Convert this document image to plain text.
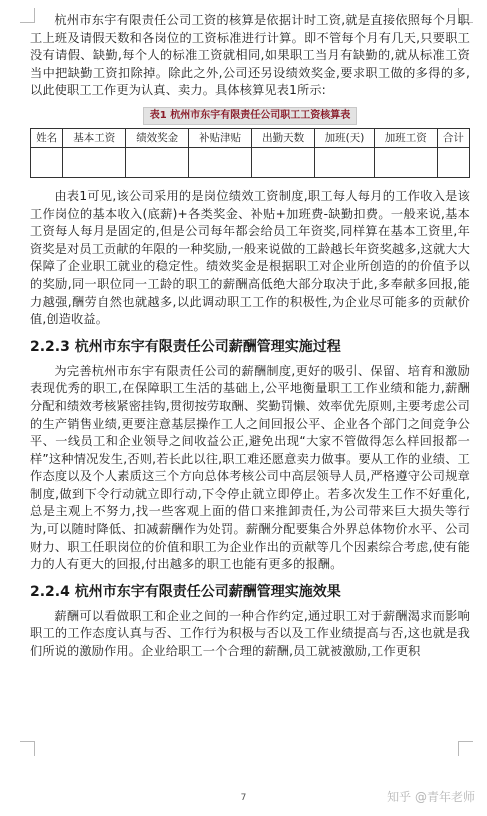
杭州市东宇有限责任公司工资的核算是依据计时工资,就是直接依照每个月职工上班及请假天数和各岗位的工资标准进行计算。即不管每个月有几天,只要职工没有请假、缺勤,每个人的标准工资就相同,如果职工当月有缺勤的,就从标准工资当中把缺勤工资扣除掉。除此之外,公司还另设绩效奖金,要求职工做的多得的多,以此使职工工作更为认真、卖力。具体核算见表1所示:

表1 杭州市东宇有限责任公司职工工资核算表
姓名	基本工资	绩效奖金	补贴津贴	出勤天数	加班(天)	加班工资	合计

由表1可见,该公司采用的是岗位绩效工资制度,职工每人每月的工作收入是该工作岗位的基本收入(底薪)+各类奖金、补贴+加班费-缺勤扣费。一般来说,基本工资每人每月是固定的,但是公司每年都会给员工年资奖,同样算在基本工资里,年资奖是对员工贡献的年限的一种奖励,一般来说做的工龄越长年资奖越多,这就大大保障了企业职工就业的稳定性。绩效奖金是根据职工对企业所创造的的价值予以的奖励,同一职位同一工龄的职工的薪酬高低绝大部分取决于此,多奉献多回报,能力越强,酬劳自然也就越多,以此调动职工工作的积极性,为企业尽可能多的贡献价值,创造收益。

2.2.3 杭州市东宇有限责任公司薪酬管理实施过程

为完善杭州市东宇有限责任公司的薪酬制度,更好的吸引、保留、培育和激励表现优秀的职工,在保障职工生活的基础上,公平地衡量职工工作业绩和能力,薪酬分配和绩效考核紧密挂钩,贯彻按劳取酬、奖勤罚懒、效率优先原则,主要考虑公司的生产销售业绩,更要注意基层操作工人之间回报公平、企业各个部门之间竞争公平、一线员工和企业领导之间收益公正,避免出现“大家不管做得怎么样回报都一样”这种情况发生,否则,若长此以往,职工难还愿意卖力做事。要从工作的业绩、工作态度以及个人素质这三个方向总体考核公司中高层领导人员,严格遵守公司规章制度,做到下令行动就立即行动,下令停止就立即停止。若多次发生工作不好重化,总是主观上不努力,找一些客观上面的借口来推卸责任,为公司带来巨大损失等行为,可以随时降低、扣减薪酬作为处罚。薪酬分配要集合外界总体物价水平、公司财力、职工任职岗位的价值和职工为企业作出的贡献等几个因素综合考虑,使有能力的人有更大的回报,付出越多的职工也能有更多的报酬。

2.2.4 杭州市东宇有限责任公司薪酬管理实施效果

薪酬可以看做职工和企业之间的一种合作约定,通过职工对于薪酬渴求而影响职工的工作态度认真与否、工作行为积极与否以及工作业绩提高与否,这也就是我们所说的激励作用。企业给职工一个合理的薪酬,员工就被激励,工作更积

7	知乎 @青年老师
